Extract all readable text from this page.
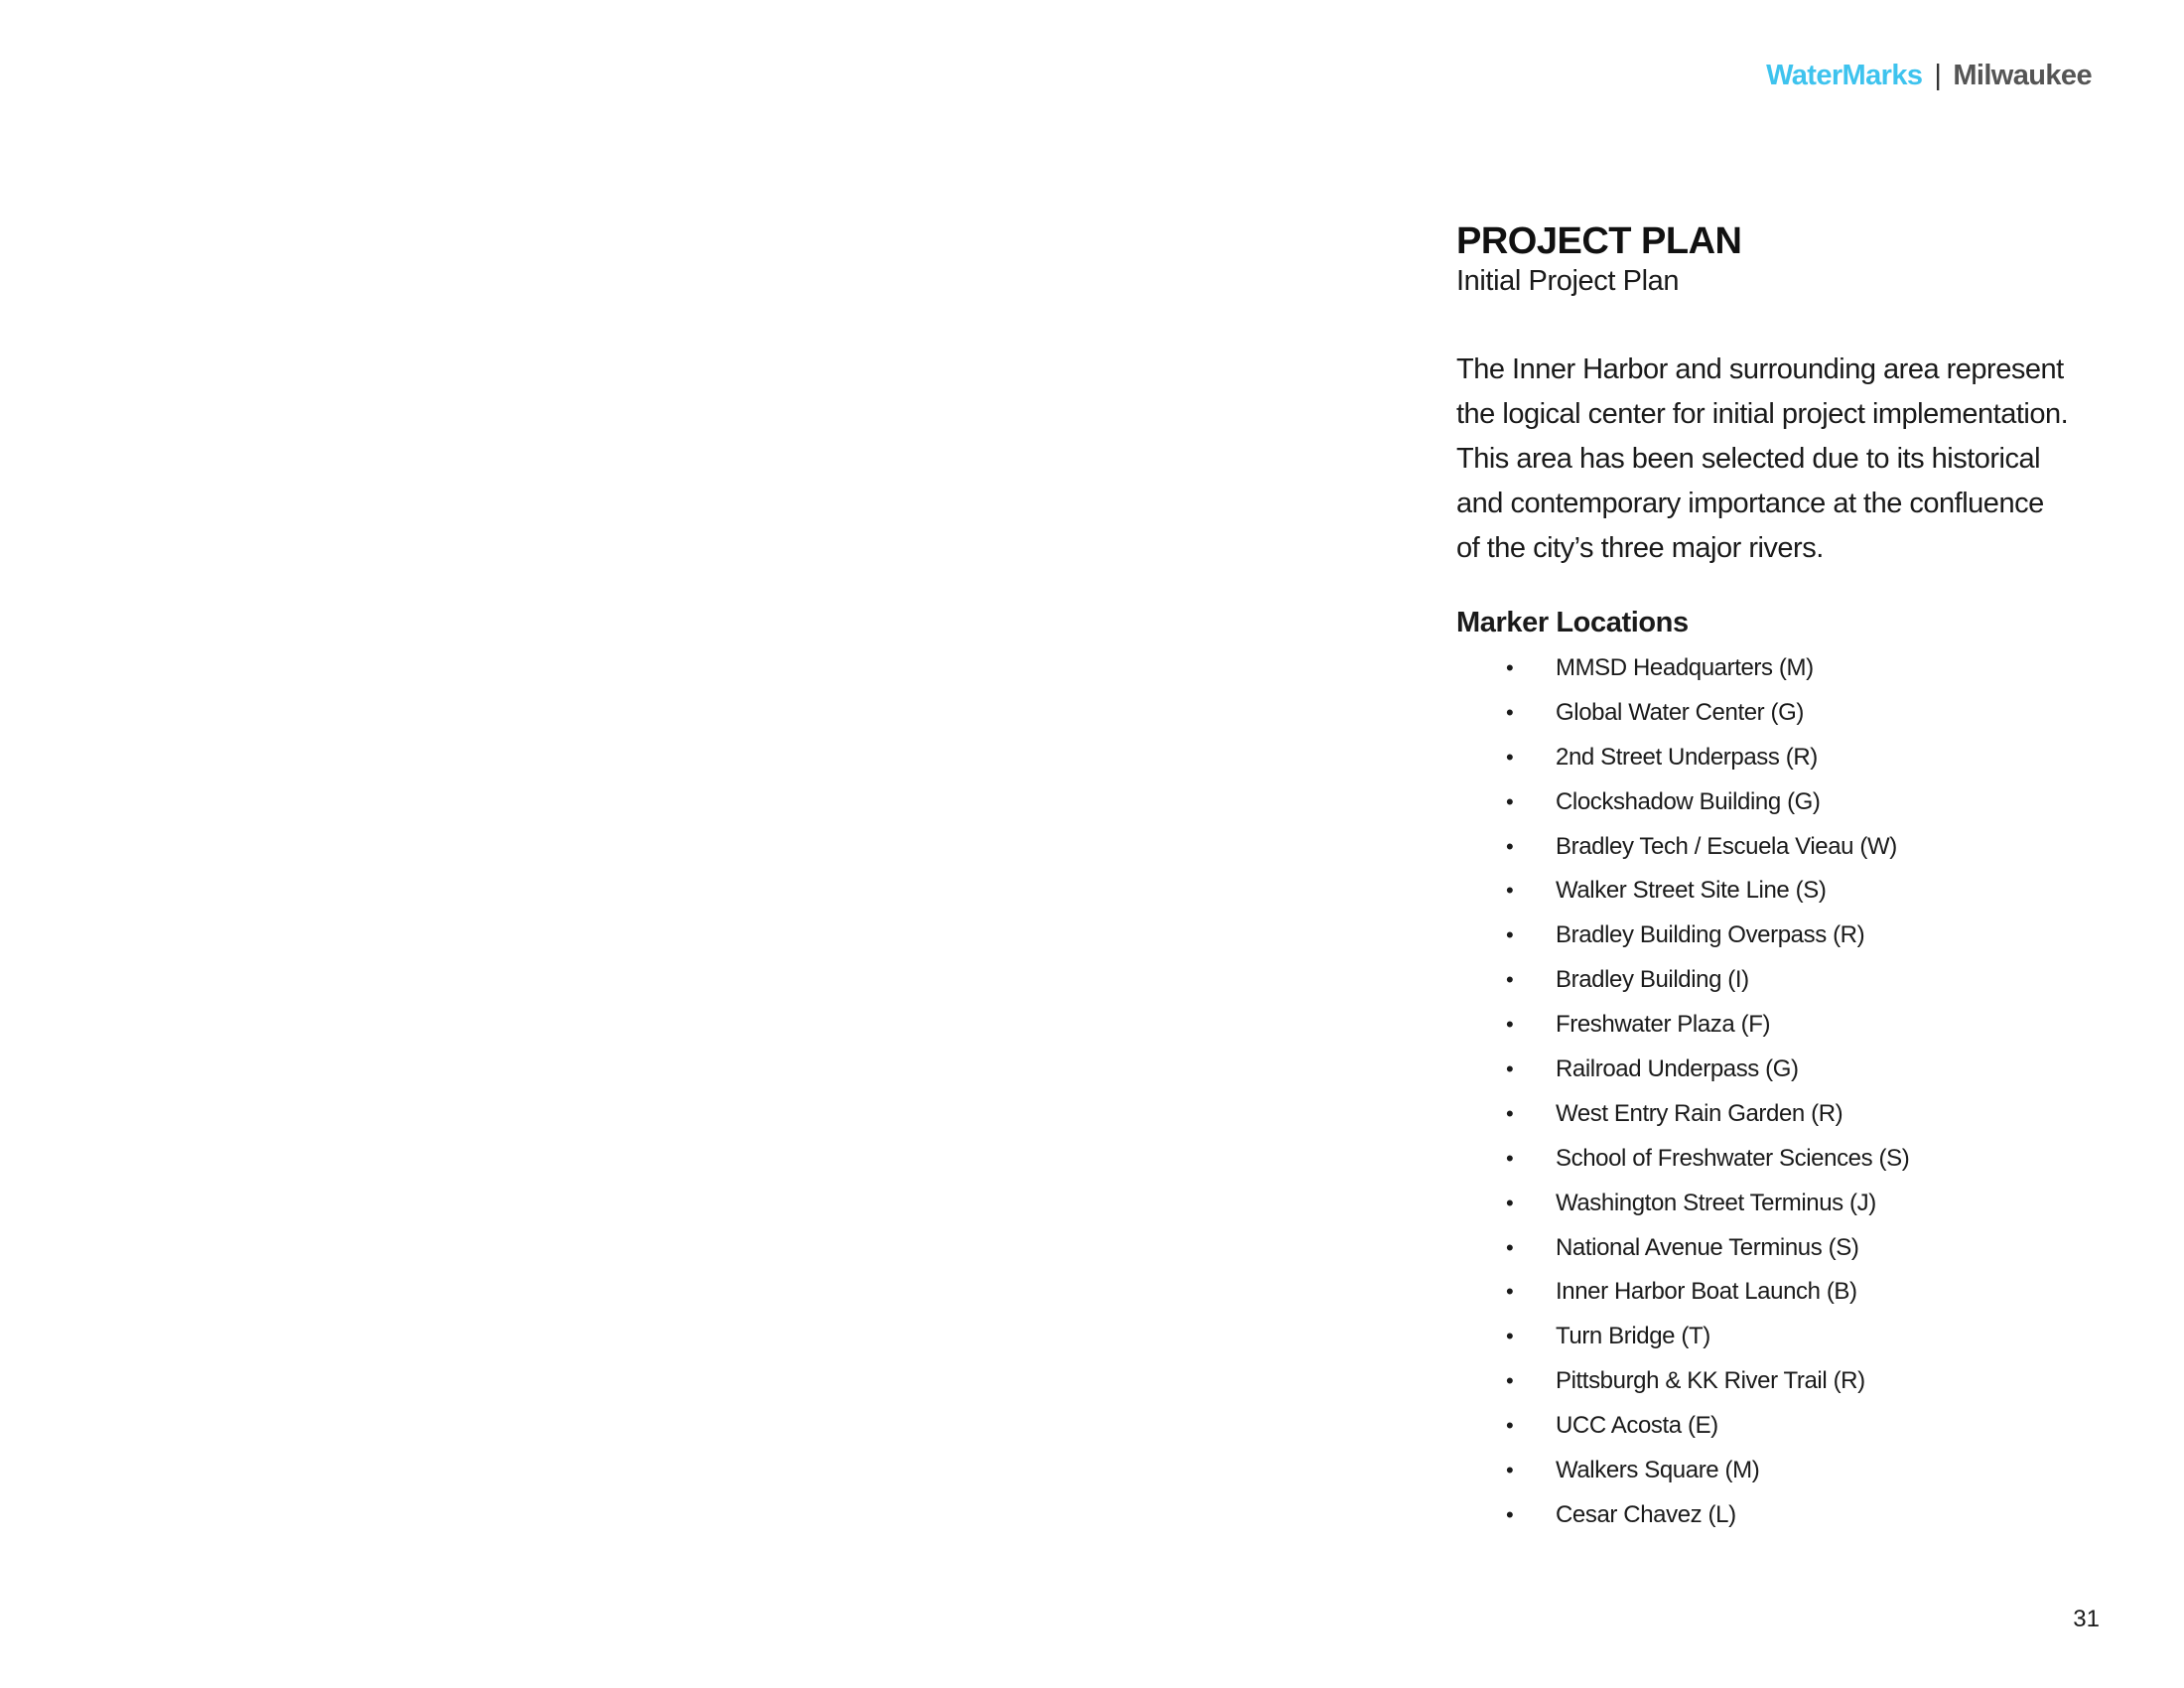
WaterMarks | Milwaukee
PROJECT PLAN
Initial Project Plan
The Inner Harbor and surrounding area represent
the logical center for initial project implementation.
This area has been selected due to its historical
and contemporary importance at the confluence
of the city’s three major rivers.
Marker Locations
• MMSD Headquarters (M)
• Global Water Center (G)
• 2nd Street Underpass (R)
• Clockshadow Building (G)
• Bradley Tech / Escuela Vieau (W)
• Walker Street Site Line (S)
• Bradley Building Overpass (R)
• Bradley Building (I)
• Freshwater Plaza (F)
• Railroad Underpass (G)
• West Entry Rain Garden (R)
• School of Freshwater Sciences (S)
• Washington Street Terminus (J)
• National Avenue Terminus (S)
• Inner Harbor Boat Launch (B)
• Turn Bridge (T)
• Pittsburgh & KK River Trail (R)
• UCC Acosta (E)
• Walkers Square (M)
• Cesar Chavez (L)
31
